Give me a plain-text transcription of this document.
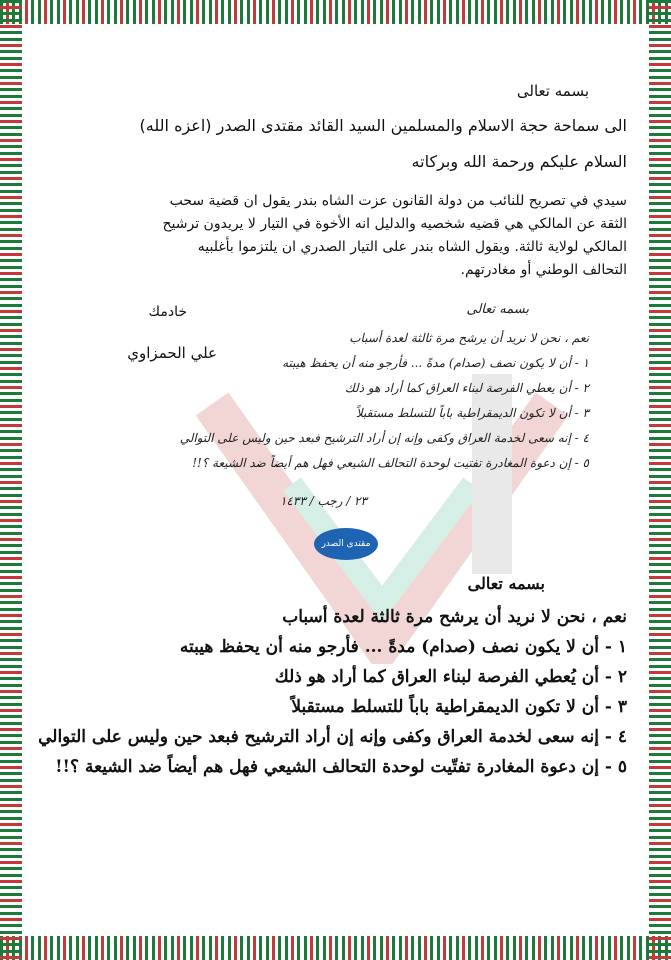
بسمه تعالى
الى سماحة حجة الاسلام والمسلمين السيد القائد مقتدى الصدر (اعزه الله)
السلام عليكم ورحمة الله وبركاته
سيدي في تصريح للنائب من دولة القانون عزت الشاه بندر يقول ان قضية سحب
الثقة عن المالكي هي قضيه شخصيه والدليل انه الأخوة في التيار لا يريدون ترشيح
المالكي لولاية ثالثة. ويقول الشاه بندر على التيار الصدري ان يلتزموا بأغلبيه
التحالف الوطني أو مغادرتهم.
خادمك
علي الحمزاوي
بسمه تعالى
نعم ، نحن لا نريد أن يرشح مرة ثالثة لعدة أسباب
١ - أن لا يكون نصف (صدام) مدةً ... فأرجو منه أن يحفظ هيبته
٢ - أن يعطي الفرصة لبناء العراق كما أراد هو ذلك
٣ - أن لا تكون الديمقراطية باباً للتسلط مستقبلاً
٤ - إنه سعى لخدمة العراق وكفى وإنه إن أراد الترشيح فبعد حين وليس على التوالي
٥ - إن دعوة المغادرة تفتيت لوحدة التحالف الشيعي فهل هم أيضاً ضد الشيعة ؟!!
٢٣ / رجب / ١٤٣٣
مقتدى الصدر
بسمه تعالى
نعم ، نحن لا نريد أن يرشح مرة ثالثة لعدة أسباب
١ - أن لا يكون نصف (صدام) مدةً ... فأرجو منه أن يحفظ هيبته
٢ - أن يُعطي الفرصة لبناء العراق كما أراد هو ذلك
٣ - أن لا تكون الديمقراطية باباً للتسلط مستقبلاً
٤ - إنه سعى لخدمة العراق وكفى وإنه إن أراد الترشيح فبعد حين وليس على التوالي
٥ - إن دعوة المغادرة تفتّيت لوحدة التحالف الشيعي فهل هم أيضاً ضد الشيعة ؟!!
